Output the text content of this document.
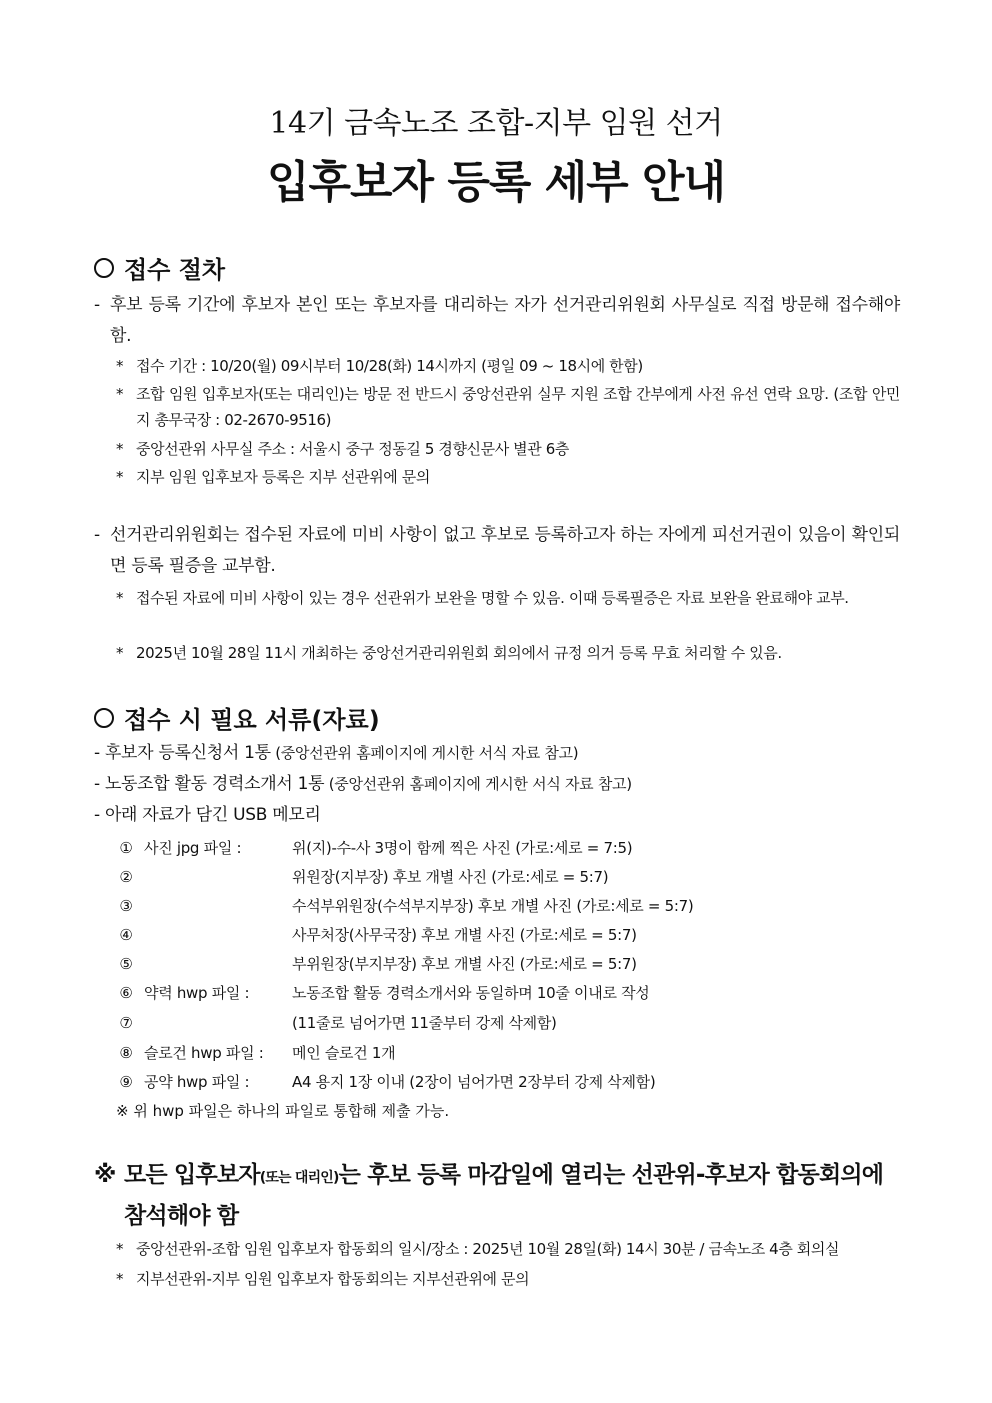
14기 금속노조 조합-지부 임원 선거
입후보자 등록 세부 안내
접수 절차
- 후보 등록 기간에 후보자 본인 또는 후보자를 대리하는 자가 선거관리위원회 사무실로 직접 방문해 접수해야 함.
* 접수 기간 : 10/20(월) 09시부터 10/28(화) 14시까지 (평일 09 ~ 18시에 한함)
* 조합 임원 입후보자(또는 대리인)는 방문 전 반드시 중앙선관위 실무 지원 조합 간부에게 사전 유선 연락 요망. (조합 안민지 총무국장 : 02-2670-9516)
* 중앙선관위 사무실 주소 : 서울시 중구 정동길 5 경향신문사 별관 6층
* 지부 임원 입후보자 등록은 지부 선관위에 문의
- 선거관리위원회는 접수된 자료에 미비 사항이 없고 후보로 등록하고자 하는 자에게 피선거권이 있음이 확인되면 등록 필증을 교부함.
* 접수된 자료에 미비 사항이 있는 경우 선관위가 보완을 명할 수 있음. 이때 등록필증은 자료 보완을 완료해야 교부.
* 2025년 10월 28일 11시 개최하는 중앙선거관리위원회 회의에서 규정 의거 등록 무효 처리할 수 있음.
접수 시 필요 서류(자료)
- 후보자 등록신청서 1통 (중앙선관위 홈페이지에 게시한 서식 자료 참고)
- 노동조합 활동 경력소개서 1통 (중앙선관위 홈페이지에 게시한 서식 자료 참고)
- 아래 자료가 담긴 USB 메모리
① 사진 jpg 파일 :	위(지)-수-사 3명이 함께 찍은 사진 (가로:세로 = 7:5)
②	위원장(지부장) 후보 개별 사진 (가로:세로 = 5:7)
③	수석부위원장(수석부지부장) 후보 개별 사진 (가로:세로 = 5:7)
④	사무처장(사무국장) 후보 개별 사진 (가로:세로 = 5:7)
⑤	부위원장(부지부장) 후보 개별 사진 (가로:세로 = 5:7)
⑥ 약력 hwp 파일 :	노동조합 활동 경력소개서와 동일하며 10줄 이내로 작성
⑦	(11줄로 넘어가면 11줄부터 강제 삭제함)
⑧ 슬로건 hwp 파일 : 메인 슬로건 1개
⑨ 공약 hwp 파일 :	A4 용지 1장 이내 (2장이 넘어가면 2장부터 강제 삭제함)
※ 위 hwp 파일은 하나의 파일로 통합해 제출 가능.
※ 모든 입후보자(또는 대리인)는 후보 등록 마감일에 열리는 선관위-후보자 합동회의에 참석해야 함
* 중앙선관위-조합 임원 입후보자 합동회의 일시/장소 : 2025년 10월 28일(화) 14시 30분 / 금속노조 4층 회의실
* 지부선관위-지부 임원 입후보자 합동회의는 지부선관위에 문의
